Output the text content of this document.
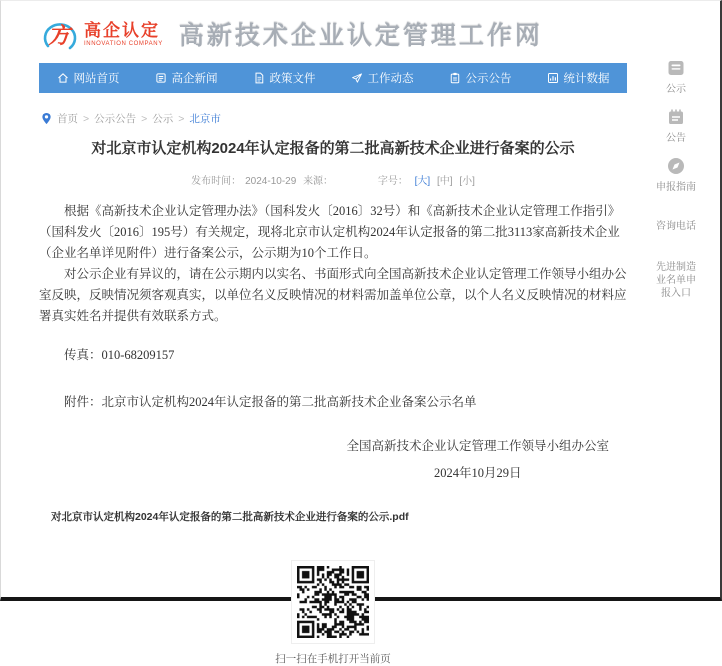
方 高企认定
INNOVATION COMPANY 高新技术企业认定管理工作网
网站首页	高企新闻	政策文件	工作动态	公示公告	统计数据
首页 > 公示公告 > 公示 > 北京市
对北京市认定机构2024年认定报备的第二批高新技术企业进行备案的公示
发布时间： 2024-10-29 来源：	字号： [大] [中] [小]

根据《高新技术企业认定管理办法》（国科发火〔2016〕32号）和《高新技术企业认定管理工作指引》（国科发火〔2016〕195号）有关规定，现将北京市认定机构2024年认定报备的第二批3113家高新技术企业（企业名单详见附件）进行备案公示，公示期为10个工作日。

对公示企业有异议的，请在公示期内以实名、书面形式向全国高新技术企业认定管理工作领导小组办公室反映，反映情况须客观真实，以单位名义反映情况的材料需加盖单位公章，以个人名义反映情况的材料应署真实姓名并提供有效联系方式。

传真：010-68209157
附件：北京市认定机构2024年认定报备的第二批高新技术企业备案公示名单
全国高新技术企业认定管理工作领导小组办公室
2024年10月29日
对北京市认定机构2024年认定报备的第二批高新技术企业进行备案的公示.pdf
扫一扫在手机打开当前页
公示
公告
申报指南
咨询电话
先进制造业名单申报入口
